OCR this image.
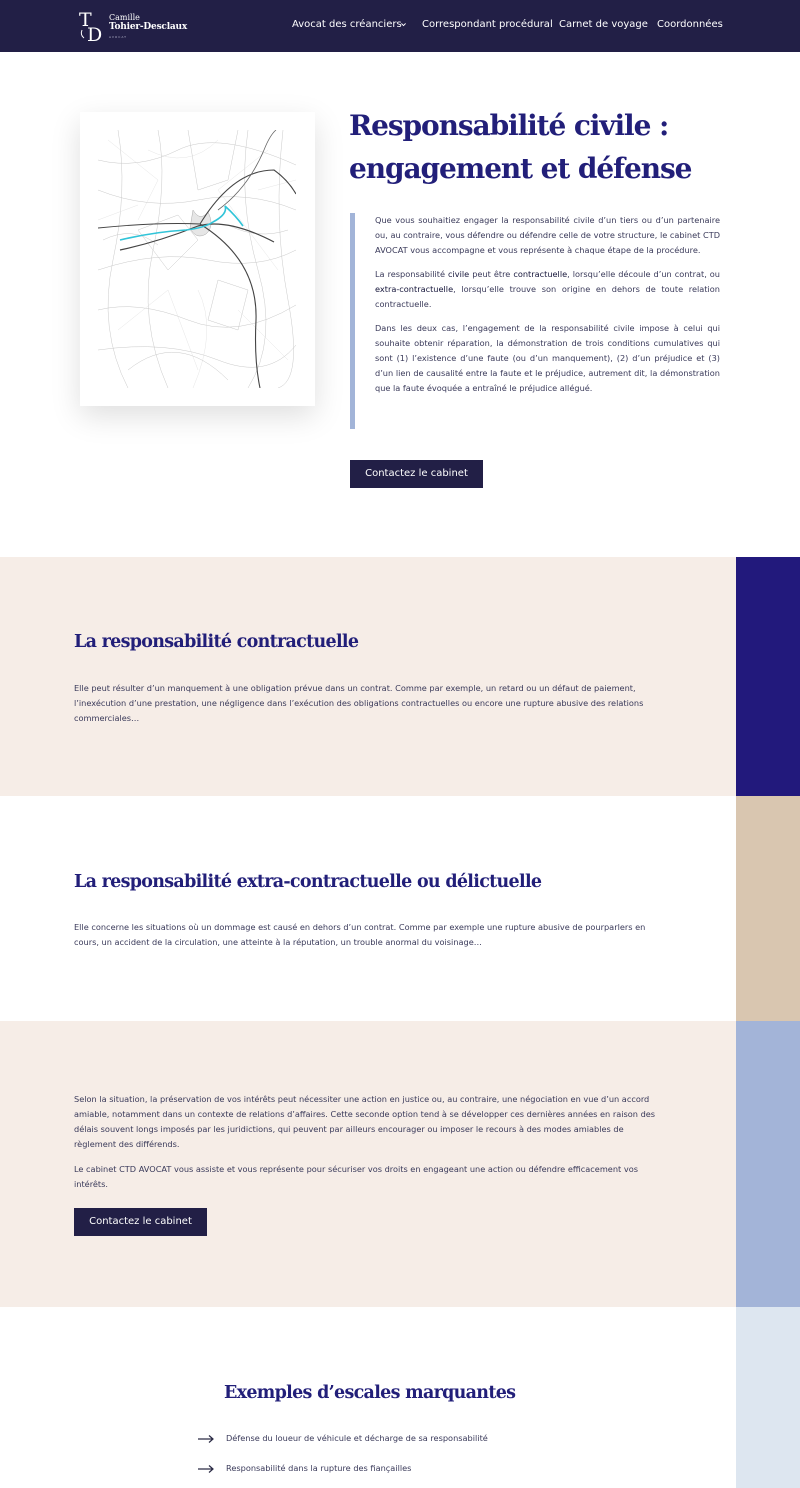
T
D
Camille
Tohier-Desclaux
AVOCAT
Avocat des créanciers Correspondant procédural Carnet de voyage Coordonnées
Responsabilité civile : engagement et défense

Que vous souhaitiez engager la responsabilité civile d’un tiers ou d’un partenaire ou, au contraire, vous défendre ou défendre celle de votre structure, le cabinet CTD AVOCAT vous accompagne et vous représente à chaque étape de la procédure.

La responsabilité civile peut être contractuelle, lorsqu’elle découle d’un contrat, ou extra-contractuelle, lorsqu’elle trouve son origine en dehors de toute relation contractuelle.

Dans les deux cas, l’engagement de la responsabilité civile impose à celui qui souhaite obtenir réparation, la démonstration de trois conditions cumulatives qui sont (1) l’existence d’une faute (ou d’un manquement), (2) d’un préjudice et (3) d’un lien de causalité entre la faute et le préjudice, autrement dit, la démonstration que la faute évoquée a entraîné le préjudice allégué.

Contactez le cabinet
La responsabilité contractuelle
Elle peut résulter d’un manquement à une obligation prévue dans un contrat. Comme par exemple, un retard ou un défaut de paiement, l’inexécution d’une prestation, une négligence dans l’exécution des obligations contractuelles ou encore une rupture abusive des relations commerciales…
La responsabilité extra-contractuelle ou délictuelle
Elle concerne les situations où un dommage est causé en dehors d’un contrat. Comme par exemple une rupture abusive de pourparlers en cours, un accident de la circulation, une atteinte à la réputation, un trouble anormal du voisinage…
Selon la situation, la préservation de vos intérêts peut nécessiter une action en justice ou, au contraire, une négociation en vue d’un accord amiable, notamment dans un contexte de relations d’affaires. Cette seconde option tend à se développer ces dernières années en raison des délais souvent longs imposés par les juridictions, qui peuvent par ailleurs encourager ou imposer le recours à des modes amiables de règlement des différends.
Le cabinet CTD AVOCAT vous assiste et vous représente pour sécuriser vos droits en engageant une action ou défendre efficacement vos intérêts.
Contactez le cabinet
Exemples d’escales marquantes
Défense du loueur de véhicule et décharge de sa responsabilité
Responsabilité dans la rupture des fiançailles
